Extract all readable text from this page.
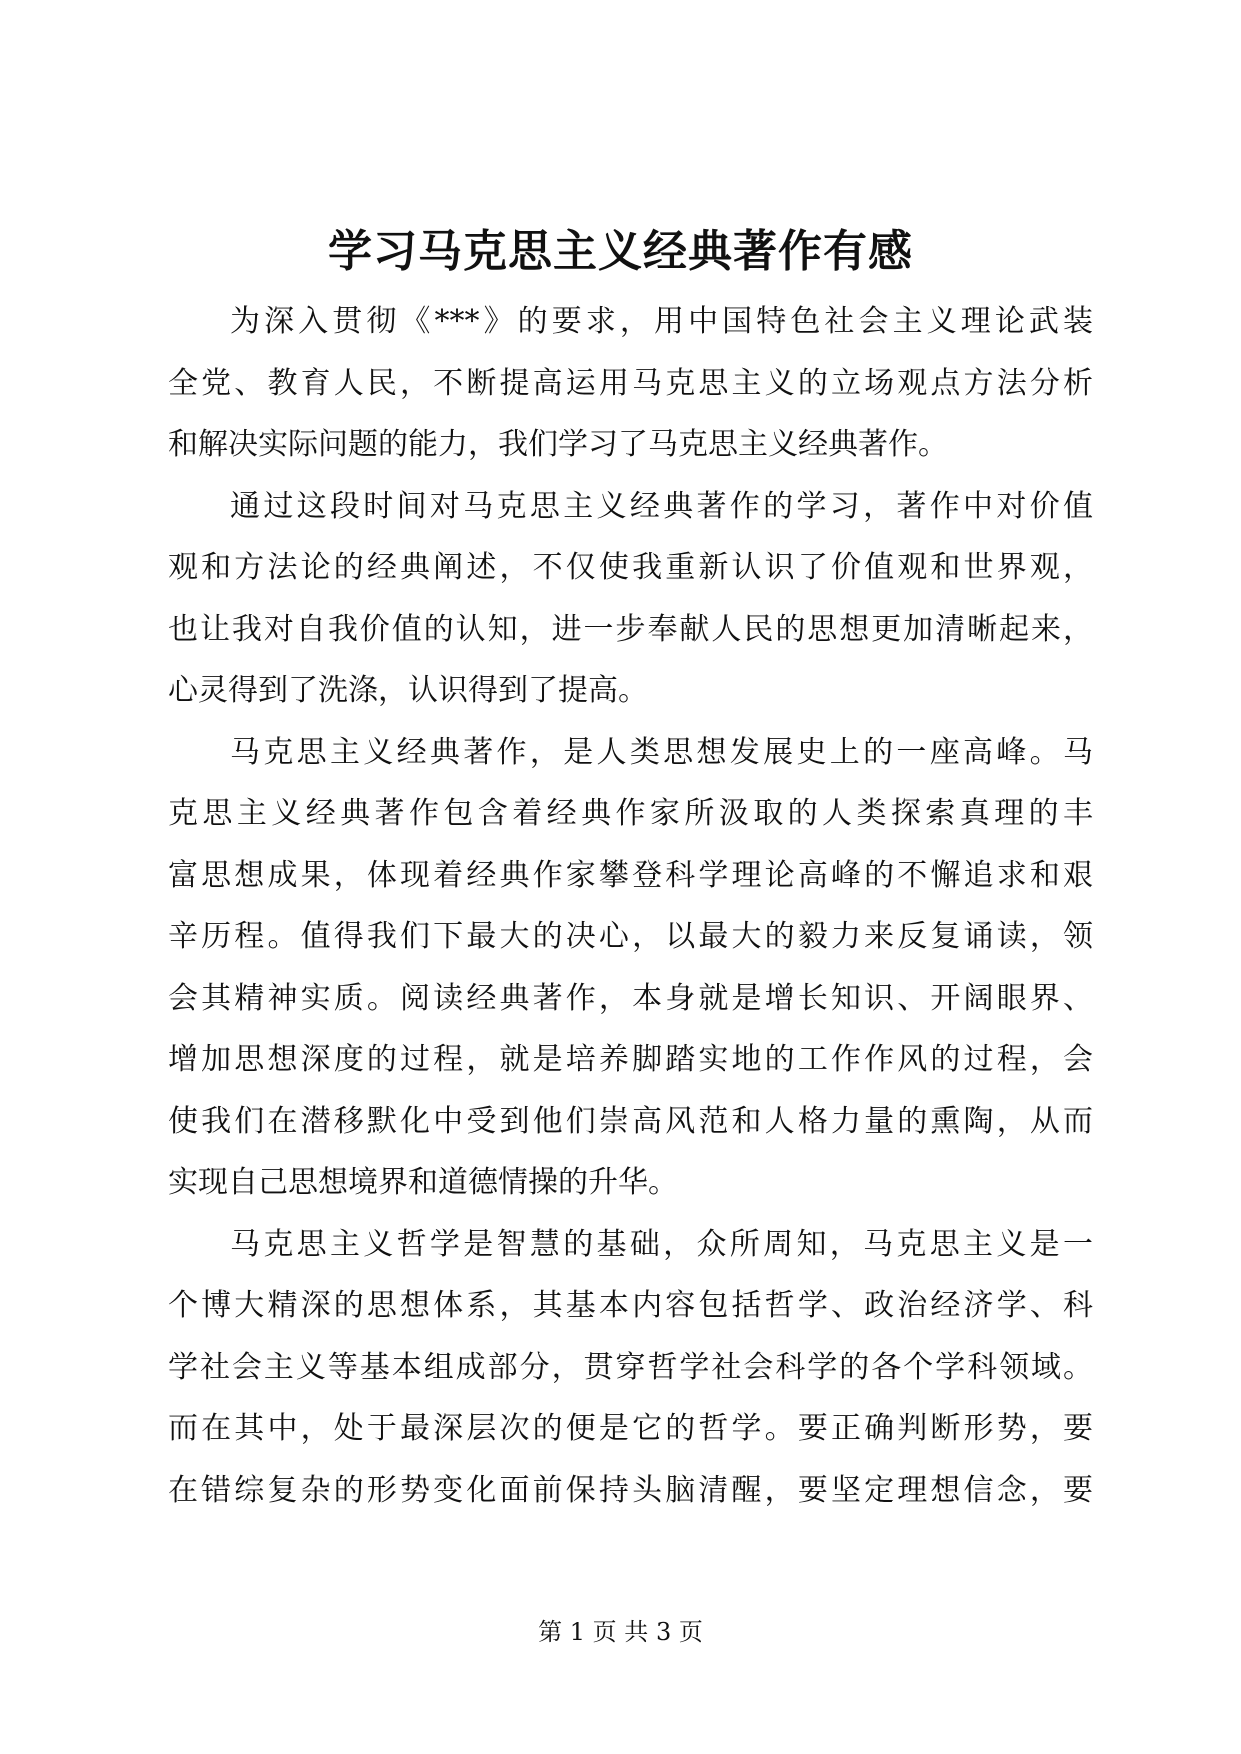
学习马克思主义经典著作有感
为深入贯彻《***》的要求，用中国特色社会主义理论武装
全党、教育人民，不断提高运用马克思主义的立场观点方法分析
和解决实际问题的能力，我们学习了马克思主义经典著作。
通过这段时间对马克思主义经典著作的学习，著作中对价值
观和方法论的经典阐述，不仅使我重新认识了价值观和世界观，
也让我对自我价值的认知，进一步奉献人民的思想更加清晰起来，
心灵得到了洗涤，认识得到了提高。
马克思主义经典著作，是人类思想发展史上的一座高峰。马
克思主义经典著作包含着经典作家所汲取的人类探索真理的丰
富思想成果，体现着经典作家攀登科学理论高峰的不懈追求和艰
辛历程。值得我们下最大的决心，以最大的毅力来反复诵读，领
会其精神实质。阅读经典著作，本身就是增长知识、开阔眼界、
增加思想深度的过程，就是培养脚踏实地的工作作风的过程，会
使我们在潜移默化中受到他们崇高风范和人格力量的熏陶，从而
实现自己思想境界和道德情操的升华。
马克思主义哲学是智慧的基础，众所周知，马克思主义是一
个博大精深的思想体系，其基本内容包括哲学、政治经济学、科
学社会主义等基本组成部分，贯穿哲学社会科学的各个学科领域。
而在其中，处于最深层次的便是它的哲学。要正确判断形势，要
在错综复杂的形势变化面前保持头脑清醒，要坚定理想信念，要
第 1 页 共 3 页
